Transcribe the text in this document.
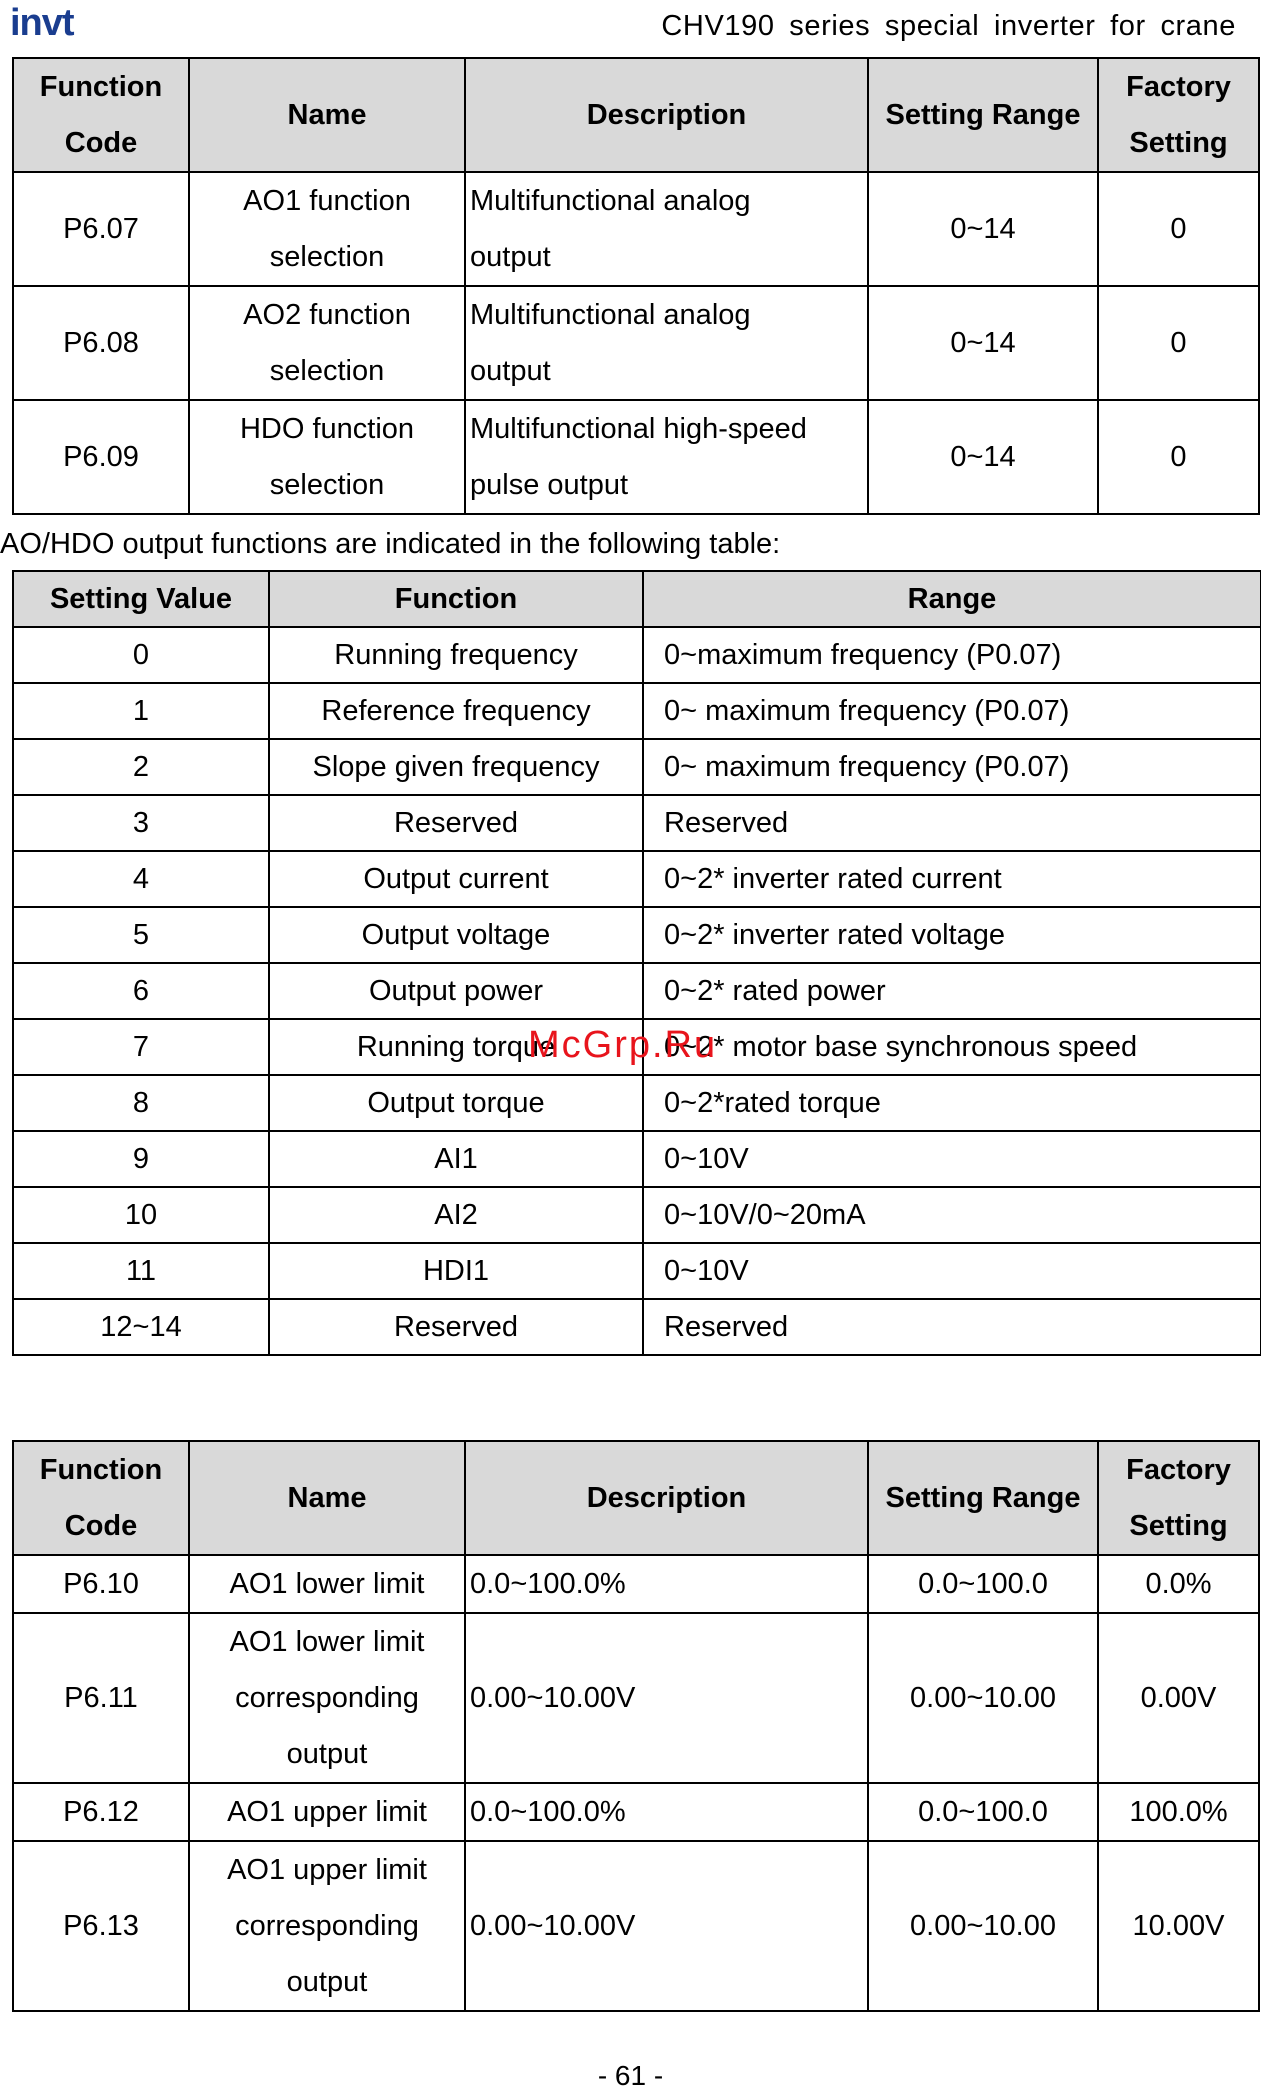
invt	CHV190 series special inverter for crane
Function Code	Name	Description	Setting Range	Factory Setting
P6.07	AO1 function selection	Multifunctional analog output	0~14	0
P6.08	AO2 function selection	Multifunctional analog output	0~14	0
P6.09	HDO function selection	Multifunctional high-speed pulse output	0~14	0
AO/HDO output functions are indicated in the following table:
Setting Value	Function	Range
0	Running frequency	0~maximum frequency (P0.07)
1	Reference frequency	0~ maximum frequency (P0.07)
2	Slope given frequency	0~ maximum frequency (P0.07)
3	Reserved	Reserved
4	Output current	0~2* inverter rated current
5	Output voltage	0~2* inverter rated voltage
6	Output power	0~2* rated power
7	Running torque	0~2* motor base synchronous speed
8	Output torque	0~2*rated torque
9	AI1	0~10V
10	AI2	0~10V/0~20mA
11	HDI1	0~10V
12~14	Reserved	Reserved
McGrp.Ru
Function Code	Name	Description	Setting Range	Factory Setting
P6.10	AO1 lower limit	0.0~100.0%	0.0~100.0	0.0%
P6.11	AO1 lower limit corresponding output	0.00~10.00V	0.00~10.00	0.00V
P6.12	AO1 upper limit	0.0~100.0%	0.0~100.0	100.0%
P6.13	AO1 upper limit corresponding output	0.00~10.00V	0.00~10.00	10.00V
- 61 -
